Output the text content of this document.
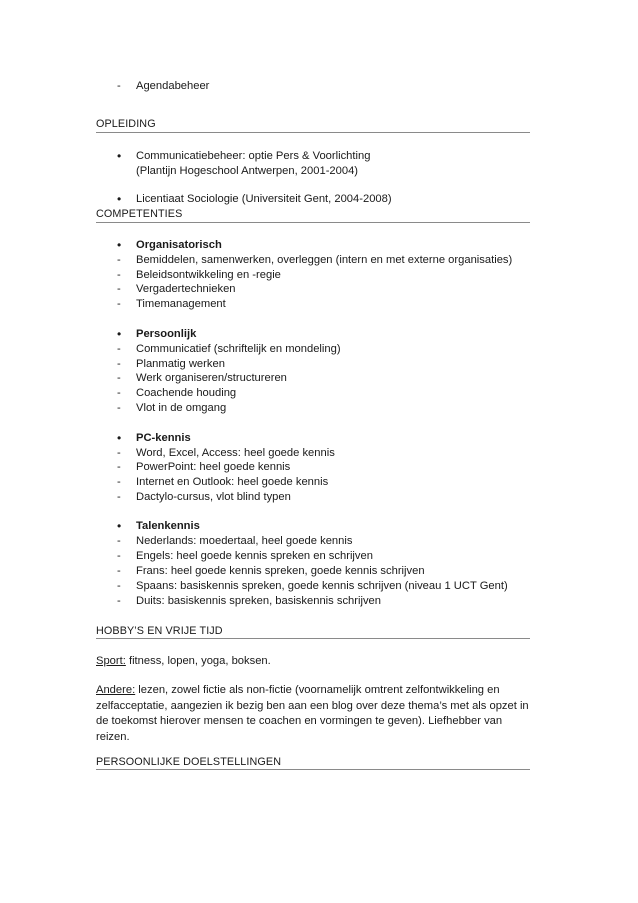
- Agendabeheer
OPLEIDING
• Communicatiebeheer: optie Pers & Voorlichting
(Plantijn Hogeschool Antwerpen, 2001-2004)
• Licentiaat Sociologie (Universiteit Gent, 2004-2008)
COMPETENTIES
• Organisatorisch
- Bemiddelen, samenwerken, overleggen (intern en met externe organisaties)
- Beleidsontwikkeling en -regie
- Vergadertechnieken
- Timemanagement
• Persoonlijk
- Communicatief (schriftelijk en mondeling)
- Planmatig werken
- Werk organiseren/structureren
- Coachende houding
- Vlot in de omgang
• PC-kennis
- Word, Excel, Access: heel goede kennis
- PowerPoint: heel goede kennis
- Internet en Outlook: heel goede kennis
- Dactylo-cursus, vlot blind typen
• Talenkennis
- Nederlands: moedertaal, heel goede kennis
- Engels: heel goede kennis spreken en schrijven
- Frans: heel goede kennis spreken, goede kennis schrijven
- Spaans: basiskennis spreken, goede kennis schrijven (niveau 1 UCT Gent)
- Duits: basiskennis spreken, basiskennis schrijven
HOBBY’S EN VRIJE TIJD
Sport: fitness, lopen, yoga, boksen.
Andere: lezen, zowel fictie als non-fictie (voornamelijk omtrent zelfontwikkeling en zelfacceptatie, aangezien ik bezig ben aan een blog over deze thema’s met als opzet in de toekomst hierover mensen te coachen en vormingen te geven). Liefhebber van reizen.
PERSOONLIJKE DOELSTELLINGEN
